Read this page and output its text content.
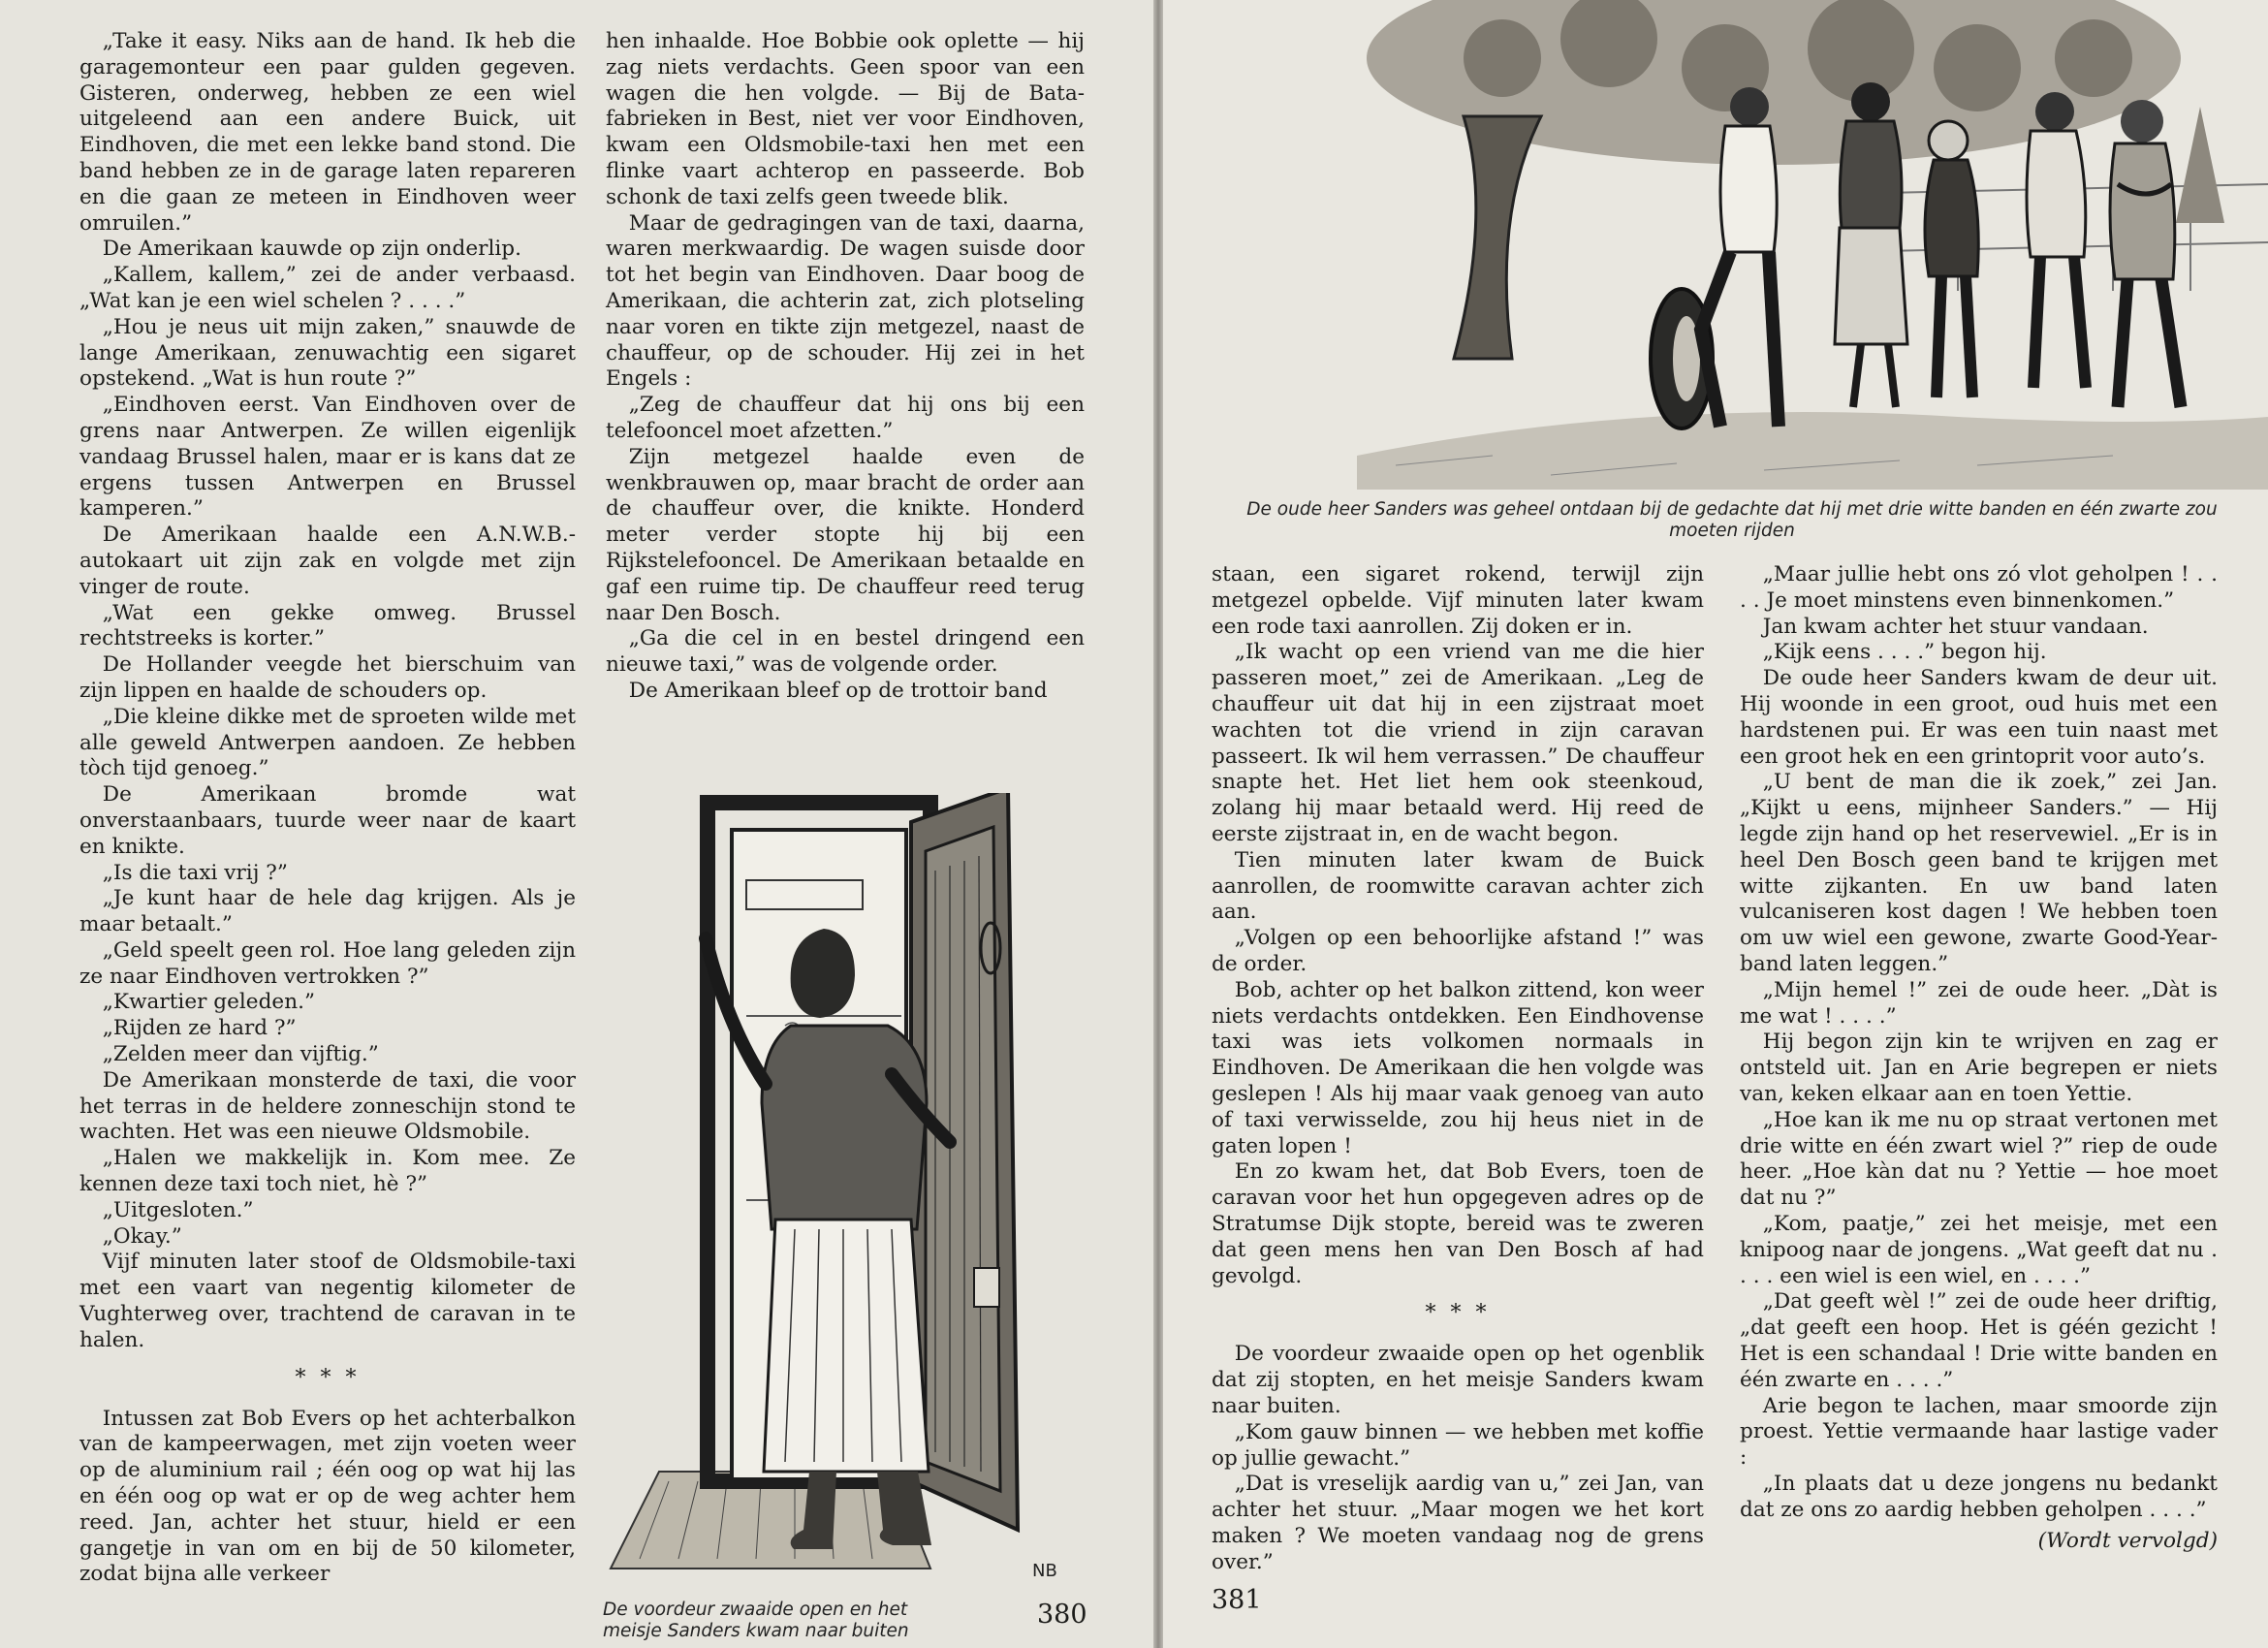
„Take it easy. Niks aan de hand. Ik heb die garagemonteur een paar gulden gegeven. Gisteren, onderweg, hebben ze een wiel uitgeleend aan een andere Buick, uit Eindhoven, die met een lekke band stond. Die band hebben ze in de garage laten repareren en die gaan ze meteen in Eindhoven weer omruilen.”

De Amerikaan kauwde op zijn onderlip.

„Kallem, kallem,” zei de ander verbaasd. „Wat kan je een wiel schelen ? . . . .”

„Hou je neus uit mijn zaken,” snauwde de lange Amerikaan, zenuwachtig een sigaret opstekend. „Wat is hun route ?”

„Eindhoven eerst. Van Eindhoven over de grens naar Antwerpen. Ze willen eigenlijk vandaag Brussel halen, maar er is kans dat ze ergens tussen Antwerpen en Brussel kamperen.”

De Amerikaan haalde een A.N.W.B.-autokaart uit zijn zak en volgde met zijn vinger de route.

„Wat een gekke omweg. Brussel rechtstreeks is korter.”

De Hollander veegde het bierschuim van zijn lippen en haalde de schouders op.

„Die kleine dikke met de sproeten wilde met alle geweld Antwerpen aandoen. Ze hebben tòch tijd genoeg.”

De Amerikaan bromde wat onverstaanbaars, tuurde weer naar de kaart en knikte.

„Is die taxi vrij ?”

„Je kunt haar de hele dag krijgen. Als je maar betaalt.”

„Geld speelt geen rol. Hoe lang geleden zijn ze naar Eindhoven vertrokken ?”

„Kwartier geleden.”

„Rijden ze hard ?”

„Zelden meer dan vijftig.”

De Amerikaan monsterde de taxi, die voor het terras in de heldere zonneschijn stond te wachten. Het was een nieuwe Oldsmobile.

„Halen we makkelijk in. Kom mee. Ze kennen deze taxi toch niet, hè ?”

„Uitgesloten.”

„Okay.”

Vijf minuten later stoof de Oldsmobile-taxi met een vaart van negentig kilometer de Vughterweg over, trachtend de caravan in te halen.

* * *

Intussen zat Bob Evers op het achterbalkon van de kampeerwagen, met zijn voeten weer op de aluminium rail ; één oog op wat hij las en één oog op wat er op de weg achter hem reed. Jan, achter het stuur, hield er een gangetje in van om en bij de 50 kilometer, zodat bijna alle verkeer

hen inhaalde. Hoe Bobbie ook oplette — hij zag niets verdachts. Geen spoor van een wagen die hen volgde. — Bij de Bata-fabrieken in Best, niet ver voor Eindhoven, kwam een Oldsmobile-taxi hen met een flinke vaart achterop en passeerde. Bob schonk de taxi zelfs geen tweede blik.

Maar de gedragingen van de taxi, daarna, waren merkwaardig. De wagen suisde door tot het begin van Eindhoven. Daar boog de Amerikaan, die achterin zat, zich plotseling naar voren en tikte zijn metgezel, naast de chauffeur, op de schouder. Hij zei in het Engels :

„Zeg de chauffeur dat hij ons bij een telefooncel moet afzetten.”

Zijn metgezel haalde even de wenkbrauwen op, maar bracht de order aan de chauffeur over, die knikte. Honderd meter verder stopte hij bij een Rijkstelefooncel. De Amerikaan betaalde en gaf een ruime tip. De chauffeur reed terug naar Den Bosch.

„Ga die cel in en bestel dringend een nieuwe taxi,” was de volgende order.

De Amerikaan bleef op de trottoir band

NB
De voordeur zwaaide open en het meisje Sanders kwam naar buiten
380
De oude heer Sanders was geheel ontdaan bij de gedachte dat hij met drie witte banden en één zwarte zou moeten rijden

staan, een sigaret rokend, terwijl zijn metgezel opbelde. Vijf minuten later kwam een rode taxi aanrollen. Zij doken er in.

„Ik wacht op een vriend van me die hier passeren moet,” zei de Amerikaan. „Leg de chauffeur uit dat hij in een zijstraat moet wachten tot die vriend in zijn caravan passeert. Ik wil hem verrassen.” De chauffeur snapte het. Het liet hem ook steenkoud, zolang hij maar betaald werd. Hij reed de eerste zijstraat in, en de wacht begon.

Tien minuten later kwam de Buick aanrollen, de roomwitte caravan achter zich aan.

„Volgen op een behoorlijke afstand !” was de order.

Bob, achter op het balkon zittend, kon weer niets verdachts ontdekken. Een Eindhovense taxi was iets volkomen normaals in Eindhoven. De Amerikaan die hen volgde was geslepen ! Als hij maar vaak genoeg van auto of taxi verwisselde, zou hij heus niet in de gaten lopen !

En zo kwam het, dat Bob Evers, toen de caravan voor het hun opgegeven adres op de Stratumse Dijk stopte, bereid was te zweren dat geen mens hen van Den Bosch af had gevolgd.

* * *

De voordeur zwaaide open op het ogenblik dat zij stopten, en het meisje Sanders kwam naar buiten.

„Kom gauw binnen — we hebben met koffie op jullie gewacht.”

„Dat is vreselijk aardig van u,” zei Jan, van achter het stuur. „Maar mogen we het kort maken ? We moeten vandaag nog de grens over.”

„Maar jullie hebt ons zó vlot geholpen ! . . . . Je moet minstens even binnenkomen.”

Jan kwam achter het stuur vandaan.

„Kijk eens . . . .” begon hij.

De oude heer Sanders kwam de deur uit. Hij woonde in een groot, oud huis met een hardstenen pui. Er was een tuin naast met een groot hek en een grintoprit voor auto’s.

„U bent de man die ik zoek,” zei Jan. „Kijkt u eens, mijnheer Sanders.” — Hij legde zijn hand op het reservewiel. „Er is in heel Den Bosch geen band te krijgen met witte zijkanten. En uw band laten vulcaniseren kost dagen ! We hebben toen om uw wiel een gewone, zwarte Good-Year-band laten leggen.”

„Mijn hemel !” zei de oude heer. „Dàt is me wat ! . . . .”

Hij begon zijn kin te wrijven en zag er ontsteld uit. Jan en Arie begrepen er niets van, keken elkaar aan en toen Yettie.

„Hoe kan ik me nu op straat vertonen met drie witte en één zwart wiel ?” riep de oude heer. „Hoe kàn dat nu ? Yettie — hoe moet dat nu ?”

„Kom, paatje,” zei het meisje, met een knipoog naar de jongens. „Wat geeft dat nu . . . . een wiel is een wiel, en . . . .”

„Dat geeft wèl !” zei de oude heer driftig, „dat geeft een hoop. Het is géén gezicht ! Het is een schandaal ! Drie witte banden en één zwarte en . . . .”

Arie begon te lachen, maar smoorde zijn proest. Yettie vermaande haar lastige vader :

„In plaats dat u deze jongens nu bedankt dat ze ons zo aardig hebben geholpen . . . .”

(Wordt vervolgd)
381
